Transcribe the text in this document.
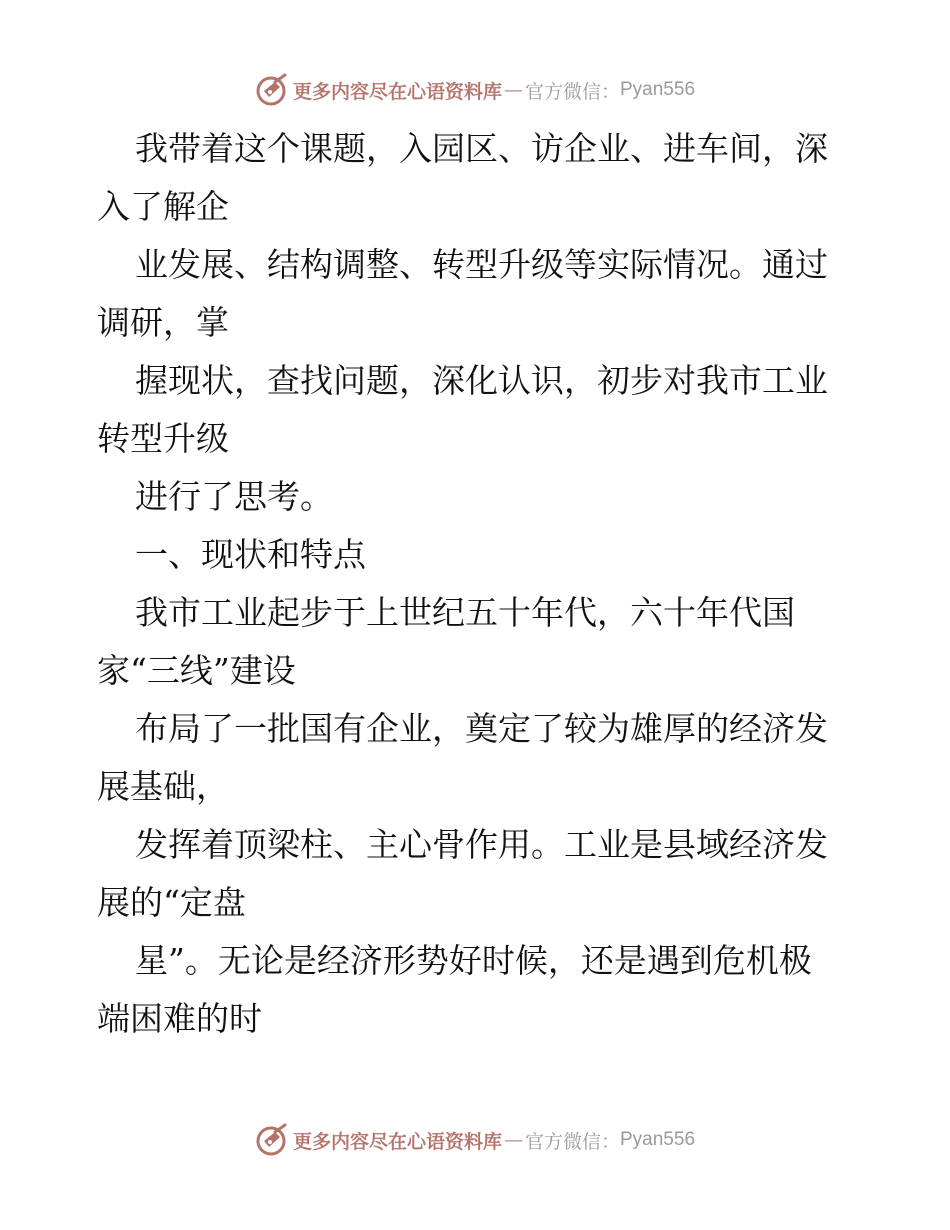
更多内容尽在心语资料库 — 官方微信： Pyan556
我带着这个课题，入园区、访企业、进车间，深
入了解企
业发展、结构调整、转型升级等实际情况。通过
调研，掌
握现状，查找问题，深化认识，初步对我市工业
转型升级
进行了思考。
一、现状和特点
我市工业起步于上世纪五十年代，六十年代国
家“三线”建设
布局了一批国有企业，奠定了较为雄厚的经济发
展基础，
发挥着顶梁柱、主心骨作用。工业是县域经济发
展的“定盘
星”。无论是经济形势好时候，还是遇到危机极
端困难的时
更多内容尽在心语资料库 — 官方微信： Pyan556
